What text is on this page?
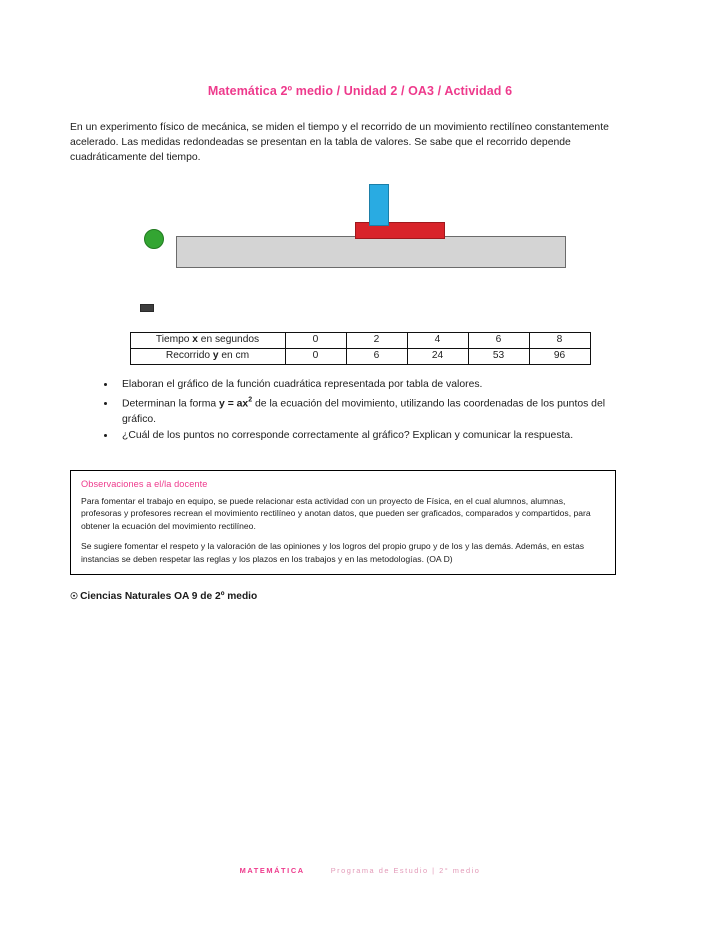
Matemática 2º medio / Unidad 2 / OA3 / Actividad 6

En un experimento físico de mecánica, se miden el tiempo y el recorrido de un movimiento rectilíneo constantemente acelerado. Las medidas redondeadas se presentan en la tabla de valores. Se sabe que el recorrido depende cuadráticamente del tiempo.

Tiempo x en segundos	0	2	4	6	8
Recorrido y en cm	0	6	24	53	96
• Elaboran el gráfico de la función cuadrática representada por tabla de valores.
• Determinan la forma $y = ax^2$ de la ecuación del movimiento, utilizando las coordenadas de los puntos del gráfico.
• ¿Cuál de los puntos no corresponde correctamente al gráfico? Explican y comunicar la respuesta.

Observaciones a el/la docente

Para fomentar el trabajo en equipo, se puede relacionar esta actividad con un proyecto de Física, en el cual alumnos, alumnas, profesoras y profesores recrean el movimiento rectilíneo y anotan datos, que pueden ser graficados, comparados y compartidos, para obtener la ecuación del movimiento rectilíneo.

Se sugiere fomentar el respeto y la valoración de las opiniones y los logros del propio grupo y de los y las demás. Además, en estas instancias se deben respetar las reglas y los plazos en los trabajos y en las metodologías. (OA D)

☉ Ciencias Naturales OA 9 de 2º medio
MATEMÁTICA	Programa de Estudio | 2° medio
